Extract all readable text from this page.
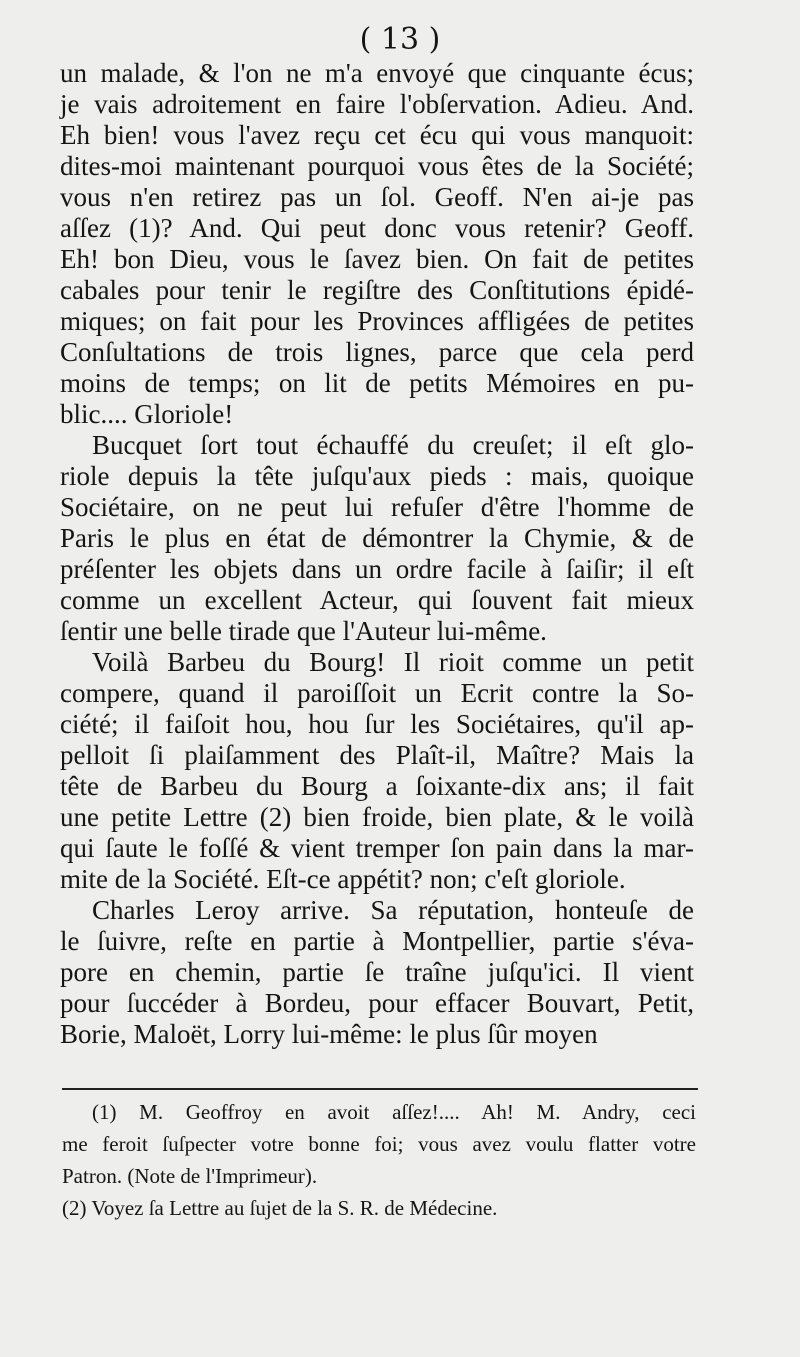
( 13 )
un malade, & l'on ne m'a envoyé que cinquante écus;
je vais adroitement en faire l'obſervation. Adieu. And.
Eh bien! vous l'avez reçu cet écu qui vous manquoit:
dites-moi maintenant pourquoi vous êtes de la Société;
vous n'en retirez pas un ſol. Geoff. N'en ai-je pas
aſſez (1)? And. Qui peut donc vous retenir? Geoff.
Eh! bon Dieu, vous le ſavez bien. On fait de petites
cabales pour tenir le regiſtre des Conſtitutions épidé-
miques; on fait pour les Provinces affligées de petites
Conſultations de trois lignes, parce que cela perd
moins de temps; on lit de petits Mémoires en pu-
blic.... Gloriole!
Bucquet ſort tout échauffé du creuſet; il eſt glo-
riole depuis la tête juſqu'aux pieds : mais, quoique
Sociétaire, on ne peut lui refuſer d'être l'homme de
Paris le plus en état de démontrer la Chymie, & de
préſenter les objets dans un ordre facile à ſaiſir; il eſt
comme un excellent Acteur, qui ſouvent fait mieux
ſentir une belle tirade que l'Auteur lui-même.
Voilà Barbeu du Bourg! Il rioit comme un petit
compere, quand il paroiſſoit un Ecrit contre la So-
ciété; il faiſoit hou, hou ſur les Sociétaires, qu'il ap-
pelloit ſi plaiſamment des Plaît-il, Maître? Mais la
tête de Barbeu du Bourg a ſoixante-dix ans; il fait
une petite Lettre (2) bien froide, bien plate, & le voilà
qui ſaute le foſſé & vient tremper ſon pain dans la mar-
mite de la Société. Eſt-ce appétit? non; c'eſt gloriole.
Charles Leroy arrive. Sa réputation, honteuſe de
le ſuivre, reſte en partie à Montpellier, partie s'éva-
pore en chemin, partie ſe traîne juſqu'ici. Il vient
pour ſuccéder à Bordeu, pour effacer Bouvart, Petit,
Borie, Maloët, Lorry lui-même: le plus ſûr moyen
(1) M. Geoffroy en avoit aſſez!.... Ah! M. Andry, ceci
me feroit ſuſpecter votre bonne foi; vous avez voulu flatter votre
Patron. (Note de l'Imprimeur).
(2) Voyez ſa Lettre au ſujet de la S. R. de Médecine.
